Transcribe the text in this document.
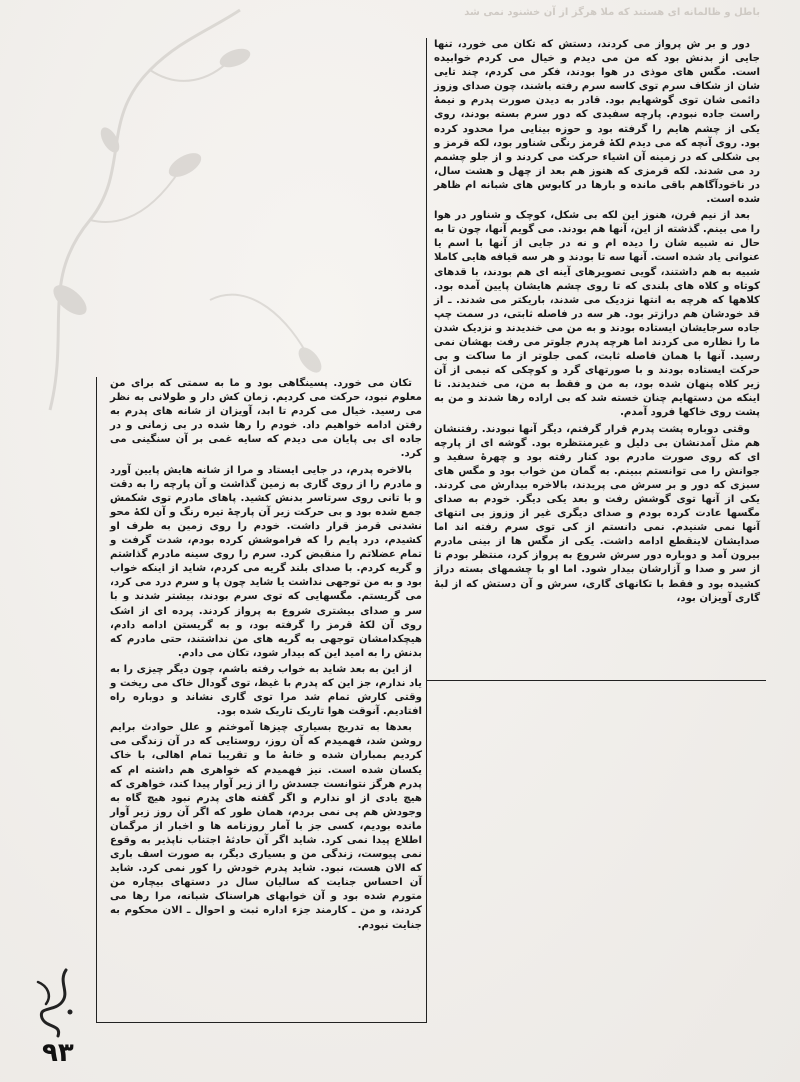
باطل و ظالمانه ای هستند که ملا هرگز از آن خشنود نمی شد

دور و بر ش پرواز می کردند، دستش که تکان می خورد، تنها جایی از بدنش بود که من می دیدم و خیال می کردم خوابیده است. مگس های موذی در هوا بودند، فکر می کردم، چند تایی شان از شکاف سرم توی کاسه سرم رفته باشند، چون صدای وزوز دائمی شان توی گوشهایم بود. قادر به دیدن صورت پدرم و نیمهٔ راست جاده نبودم. پارچه سفیدی که دور سرم بسته بودند، روی یکی از چشم هایم را گرفته بود و حوزه بینایی مرا محدود کرده بود. روی آنچه که می دیدم لکهٔ قرمز رنگی شناور بود، لکه قرمز و بی شکلی که در زمینه آن اشیاء حرکت می کردند و از جلو چشمم رد می شدند. لکه قرمزی که هنوز هم بعد از چهل و هشت سال، در ناخودآگاهم باقی مانده و بارها در کابوس های شبانه ام ظاهر شده است.

بعد از نیم قرن، هنوز این لکه بی شکل، کوچک و شناور در هوا را می بینم. گذشته از این، آنها هم بودند. می گویم آنها، چون تا به حال نه شبیه شان را دیده ام و نه در جایی از آنها با اسم یا عنوانی یاد شده است. آنها سه تا بودند و هر سه قیافه هایی کاملا شبیه به هم داشتند، گویی تصویرهای آینه ای هم بودند، با قدهای کوتاه و کلاه های بلندی که تا روی چشم هایشان پایین آمده بود. کلاهها که هرچه به انتها نزدیک می شدند، باریکتر می شدند. ـ از قد خودشان هم درازتر بود. هر سه در فاصله ثابتی، در سمت چپ جاده سرجایشان ایستاده بودند و به من می خندیدند و نزدیک شدن ما را نظاره می کردند اما هرچه پدرم جلوتر می رفت بهشان نمی رسید. آنها با همان فاصله ثابت، کمی جلوتر از ما ساکت و بی حرکت ایستاده بودند و با صورتهای گرد و کوچکی که نیمی از آن زیر کلاه پنهان شده بود، به من و فقط به من، می خندیدند. تا اینکه من دستهایم چنان خسته شد که بی اراده رها شدند و من به پشت روی خاکها فرود آمدم.

وقتی دوباره پشت پدرم قرار گرفتم، دیگر آنها نبودند. رفتنشان هم مثل آمدنشان بی دلیل و غیرمنتظره بود. گوشه ای از پارچه ای که روی صورت مادرم بود کنار رفته بود و چهرهٔ سفید و جوانش را می توانستم ببینم. به گمان من خواب بود و مگس های سبزی که دور و بر سرش می پریدند، بالاخره بیدارش می کردند. یکی از آنها توی گوشش رفت و بعد یکی دیگر. خودم به صدای مگسها عادت کرده بودم و صدای دیگری غیر از وزوز بی انتهای آنها نمی شنیدم. نمی دانستم از کی توی سرم رفته اند اما صدایشان لاینقطع ادامه داشت. یکی از مگس ها از بینی مادرم بیرون آمد و دوباره دور سرش شروع به پرواز کرد، منتظر بودم تا از سر و صدا و آزارشان بیدار شود. اما او با چشمهای بسته دراز کشیده بود و فقط با تکانهای گاری، سرش و آن دستش که از لبهٔ گاری آویزان بود،

تکان می خورد. پسینگاهی بود و ما به سمتی که برای من معلوم نبود، حرکت می کردیم. زمان کش دار و طولانی به نظر می رسید. خیال می کردم تا ابد، آویزان از شانه های پدرم به رفتن ادامه خواهیم داد. خودم را رها شده در بی زمانی و در جاده ای بی پایان می دیدم که سایه غمی بر آن سنگینی می کرد.

بالاخره پدرم، در جایی ایستاد و مرا از شانه هایش پایین آورد و مادرم را از روی گاری به زمین گذاشت و آن پارچه را به دقت و با تانی روی سرتاسر بدنش کشید. پاهای مادرم توی شکمش جمع شده بود و بی حرکت زیر آن پارچهٔ تیره رنگ و آن لکهٔ محو نشدنی قرمز قرار داشت. خودم را روی زمین به طرف او کشیدم، درد پایم را که فراموشش کرده بودم، شدت گرفت و تمام عضلاتم را منقبض کرد. سرم را روی سینه مادرم گذاشتم و گریه کردم. با صدای بلند گریه می کردم، شاید از اینکه خواب بود و به من توجهی نداشت یا شاید چون پا و سرم درد می کرد، می گریستم. مگسهایی که توی سرم بودند، بیشتر شدند و با سر و صدای بیشتری شروع به پرواز کردند. پرده ای از اشک روی آن لکهٔ قرمز را گرفته بود، و به گریستن ادامه دادم، هیچکدامشان توجهی به گریه های من نداشتند، حتی مادرم که بدنش را به امید این که بیدار شود، تکان می دادم.

از این به بعد شاید به خواب رفته باشم، چون دیگر چیزی را به یاد ندارم، جز این که پدرم با غیظ، توی گودال خاک می ریخت و وقتی کارش تمام شد مرا توی گاری نشاند و دوباره راه افتادیم. آنوقت هوا تاریک تاریک شده بود.

بعدها به تدریج بسیاری چیزها آموختم و علل حوادث برایم روشن شد، فهمیدم که آن روز، روستایی که در آن زندگی می کردیم بمباران شده و خانهٔ ما و تقریبا تمام اهالی، با خاک یکسان شده است. نیز فهمیدم که خواهری هم داشته ام که پدرم هرگز نتوانست جسدش را از زیر آوار پیدا کند، خواهری که هیچ یادی از او ندارم و اگر گفته های پدرم نبود هیچ گاه به وجودش هم پی نمی بردم، همان طور که اگر آن روز زیر آوار مانده بودیم، کسی جز با آمار روزنامه ها و اخبار از مرگمان اطلاع پیدا نمی کرد. شاید اگر آن حادثهٔ اجتناب ناپذیر به وقوع نمی پیوست، زندگی من و بسیاری دیگر، به صورت اسف باری که الان هست، نبود. شاید پدرم خودش را کور نمی کرد. شاید آن احساس جنایت که سالیان سال در دستهای بیچاره من متورم شده بود و آن خوابهای هراسناک شبانه، مرا رها می کردند، و من ـ کارمند جزء اداره ثبت و احوال ـ الان محکوم به جنایت نبودم.

۹۳
